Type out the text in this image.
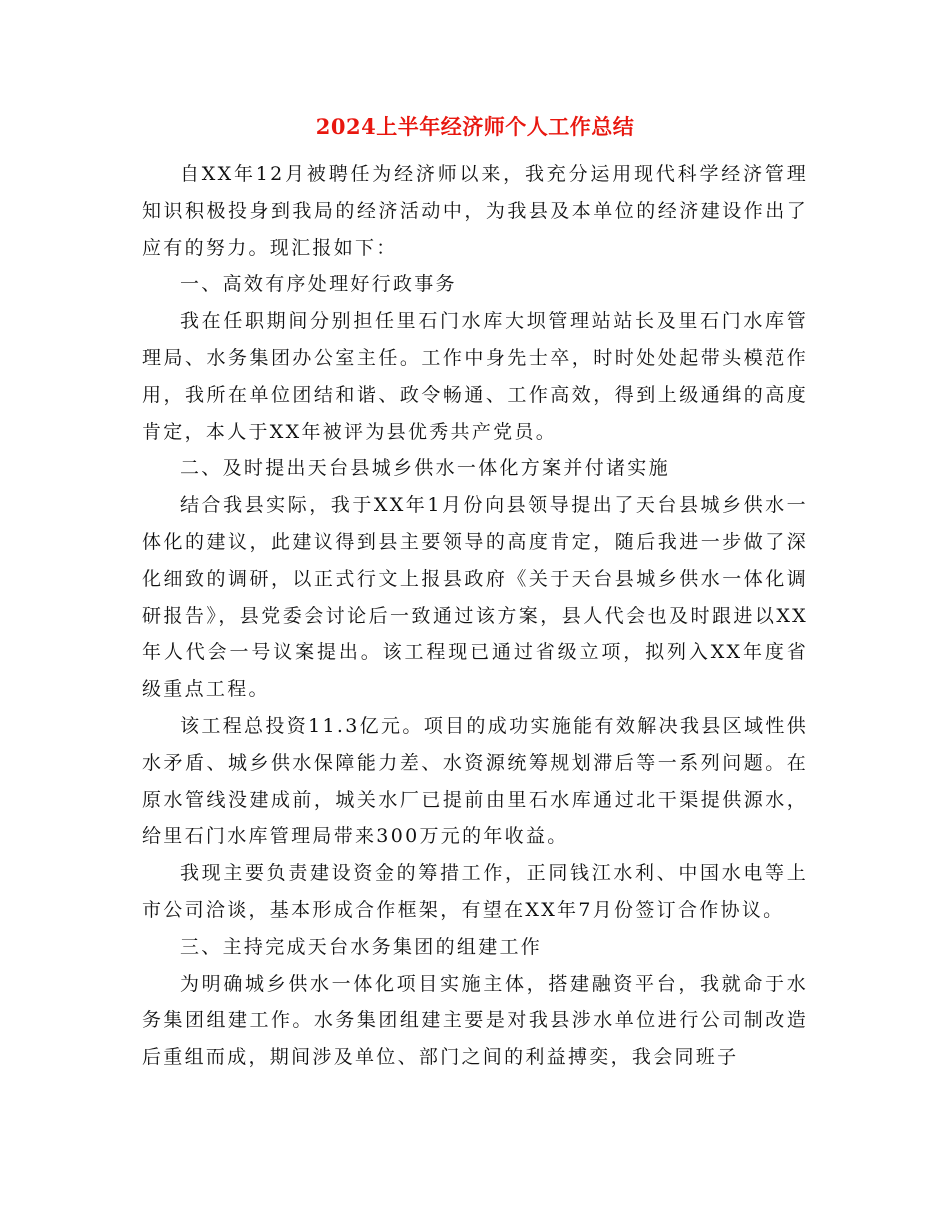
2024上半年经济师个人工作总结

自XX年12月被聘任为经济师以来，我充分运用现代科学经济管理知识积极投身到我局的经济活动中，为我县及本单位的经济建设作出了应有的努力。现汇报如下：

一、高效有序处理好行政事务

我在任职期间分别担任里石门水库大坝管理站站长及里石门水库管理局、水务集团办公室主任。工作中身先士卒，时时处处起带头模范作用，我所在单位团结和谐、政令畅通、工作高效，得到上级通缉的高度肯定，本人于XX年被评为县优秀共产党员。

二、及时提出天台县城乡供水一体化方案并付诸实施

结合我县实际，我于XX年1月份向县领导提出了天台县城乡供水一体化的建议，此建议得到县主要领导的高度肯定，随后我进一步做了深化细致的调研，以正式行文上报县政府《关于天台县城乡供水一体化调研报告》，县党委会讨论后一致通过该方案，县人代会也及时跟进以XX年人代会一号议案提出。该工程现已通过省级立项，拟列入XX年度省级重点工程。

该工程总投资11.3亿元。项目的成功实施能有效解决我县区域性供水矛盾、城乡供水保障能力差、水资源统筹规划滞后等一系列问题。在原水管线没建成前，城关水厂已提前由里石水库通过北干渠提供源水，给里石门水库管理局带来300万元的年收益。

我现主要负责建设资金的筹措工作，正同钱江水利、中国水电等上市公司洽谈，基本形成合作框架，有望在XX年7月份签订合作协议。

三、主持完成天台水务集团的组建工作

为明确城乡供水一体化项目实施主体，搭建融资平台，我就命于水务集团组建工作。水务集团组建主要是对我县涉水单位进行公司制改造后重组而成，期间涉及单位、部门之间的利益搏奕，我会同班子
